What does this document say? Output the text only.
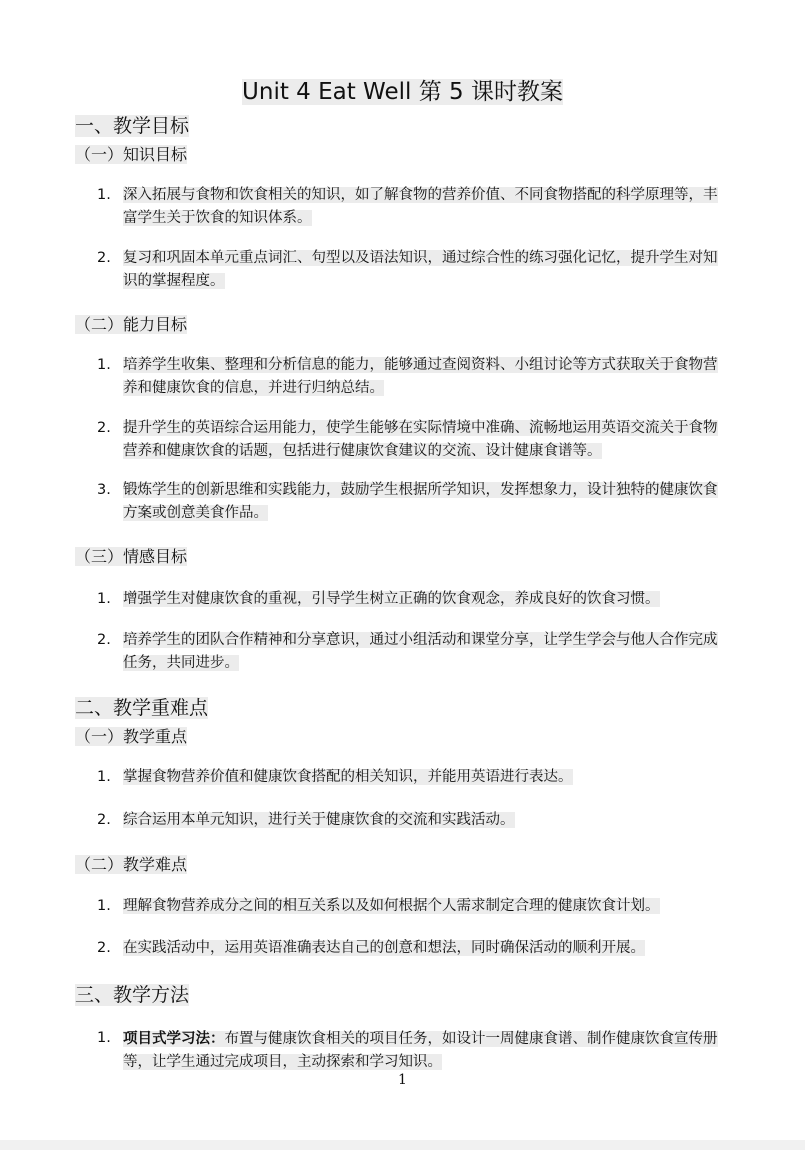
Unit 4 Eat Well 第 5 课时教案
一、教学目标
（一）知识目标
1. 深入拓展与食物和饮食相关的知识，如了解食物的营养价值、不同食物搭配的科学原理等，丰富学生关于饮食的知识体系。
2. 复习和巩固本单元重点词汇、句型以及语法知识，通过综合性的练习强化记忆，提升学生对知识的掌握程度。
（二）能力目标
1. 培养学生收集、整理和分析信息的能力，能够通过查阅资料、小组讨论等方式获取关于食物营养和健康饮食的信息，并进行归纳总结。
2. 提升学生的英语综合运用能力，使学生能够在实际情境中准确、流畅地运用英语交流关于食物营养和健康饮食的话题，包括进行健康饮食建议的交流、设计健康食谱等。
3. 锻炼学生的创新思维和实践能力，鼓励学生根据所学知识，发挥想象力，设计独特的健康饮食方案或创意美食作品。
（三）情感目标
1. 增强学生对健康饮食的重视，引导学生树立正确的饮食观念，养成良好的饮食习惯。
2. 培养学生的团队合作精神和分享意识，通过小组活动和课堂分享，让学生学会与他人合作完成任务，共同进步。
二、教学重难点
（一）教学重点
1. 掌握食物营养价值和健康饮食搭配的相关知识，并能用英语进行表达。
2. 综合运用本单元知识，进行关于健康饮食的交流和实践活动。
（二）教学难点
1. 理解食物营养成分之间的相互关系以及如何根据个人需求制定合理的健康饮食计划。
2. 在实践活动中，运用英语准确表达自己的创意和想法，同时确保活动的顺利开展。
三、教学方法
1. 项目式学习法：布置与健康饮食相关的项目任务，如设计一周健康食谱、制作健康饮食宣传册等，让学生通过完成项目，主动探索和学习知识。
1
